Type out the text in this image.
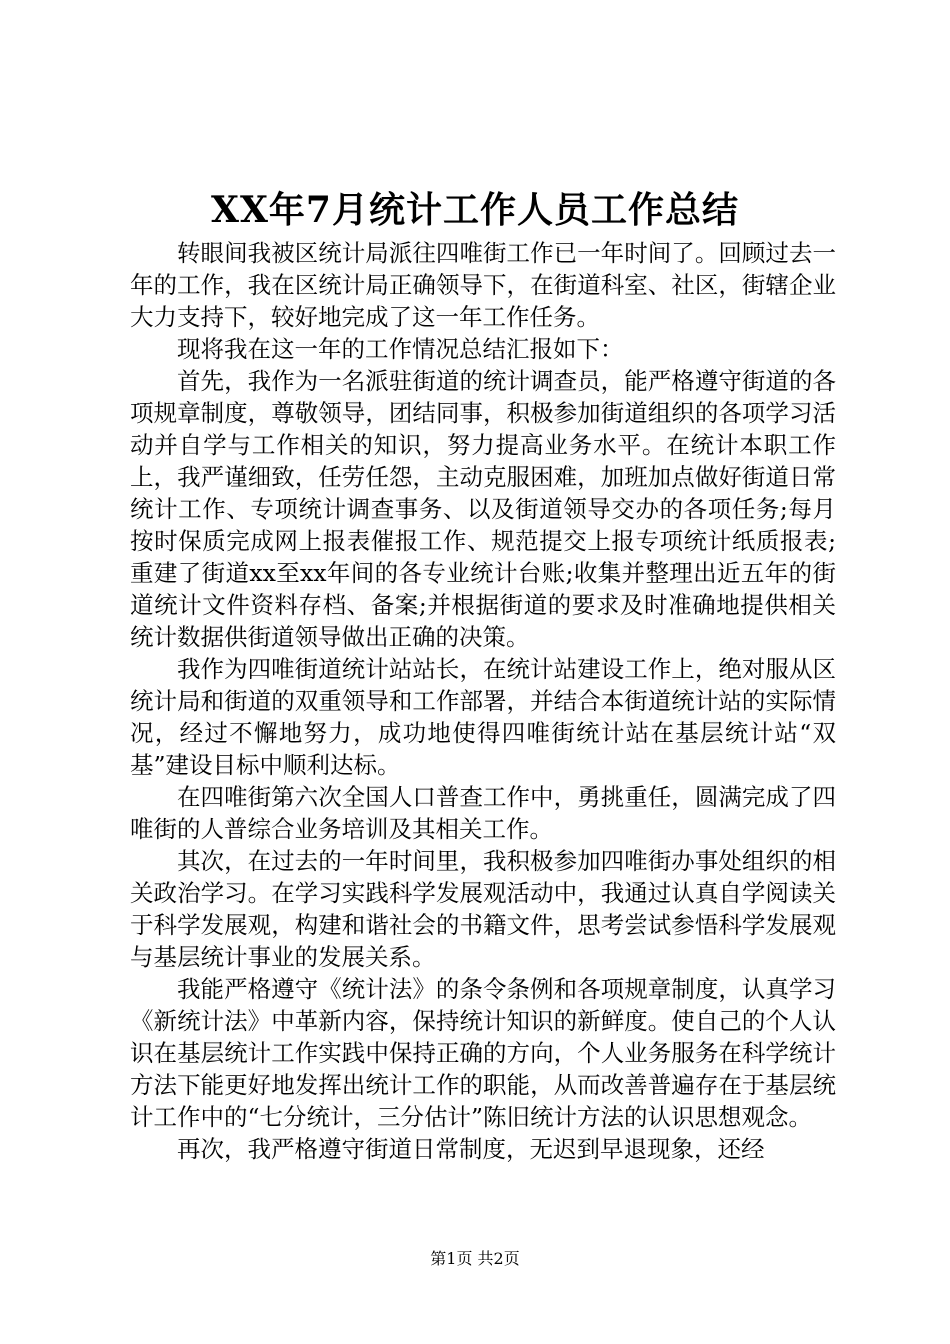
XX年7月统计工作人员工作总结

转眼间我被区统计局派往四唯街工作已一年时间了。回顾过去一年的工作，我在区统计局正确领导下，在街道科室、社区，街辖企业大力支持下，较好地完成了这一年工作任务。

现将我在这一年的工作情况总结汇报如下：

首先，我作为一名派驻街道的统计调查员，能严格遵守街道的各项规章制度，尊敬领导，团结同事，积极参加街道组织的各项学习活动并自学与工作相关的知识，努力提高业务水平。在统计本职工作上，我严谨细致，任劳任怨，主动克服困难，加班加点做好街道日常统计工作、专项统计调查事务、以及街道领导交办的各项任务;每月按时保质完成网上报表催报工作、规范提交上报专项统计纸质报表;重建了街道xx至xx年间的各专业统计台账;收集并整理出近五年的街道统计文件资料存档、备案;并根据街道的要求及时准确地提供相关统计数据供街道领导做出正确的决策。

我作为四唯街道统计站站长，在统计站建设工作上，绝对服从区统计局和街道的双重领导和工作部署，并结合本街道统计站的实际情况，经过不懈地努力，成功地使得四唯街统计站在基层统计站“双基”建设目标中顺利达标。

在四唯街第六次全国人口普查工作中，勇挑重任，圆满完成了四唯街的人普综合业务培训及其相关工作。

其次，在过去的一年时间里，我积极参加四唯街办事处组织的相关政治学习。在学习实践科学发展观活动中，我通过认真自学阅读关于科学发展观，构建和谐社会的书籍文件，思考尝试参悟科学发展观与基层统计事业的发展关系。

我能严格遵守《统计法》的条令条例和各项规章制度，认真学习《新统计法》中革新内容，保持统计知识的新鲜度。使自己的个人认识在基层统计工作实践中保持正确的方向，个人业务服务在科学统计方法下能更好地发挥出统计工作的职能，从而改善普遍存在于基层统计工作中的“七分统计，三分估计”陈旧统计方法的认识思想观念。

再次，我严格遵守街道日常制度，无迟到早退现象，还经

第1页 共2页
